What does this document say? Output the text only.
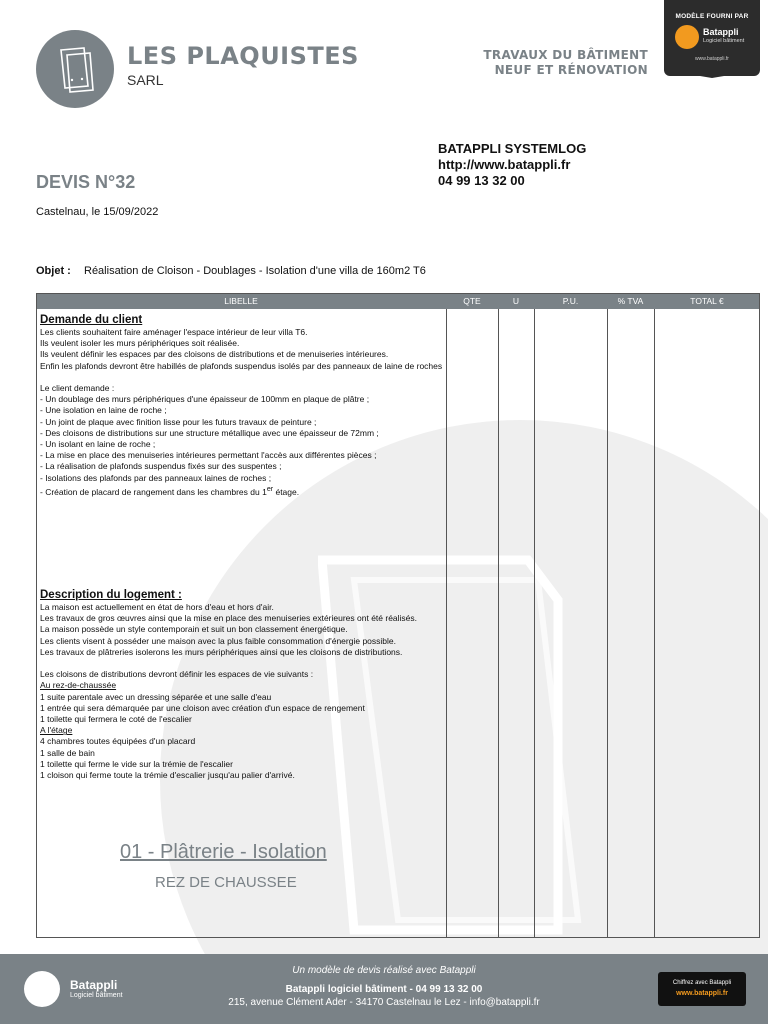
LES PLAQUISTES
SARL
TRAVAUX DU BÂTIMENT
NEUF ET RÉNOVATION
MODÈLE FOURNI PAR
Batappli
Logiciel bâtiment
www.batappli.fr
BATAPPLI SYSTEMLOG
http://www.batappli.fr
04 99 13 32 00
DEVIS N°32
Castelnau, le 15/09/2022
Objet : Réalisation de Cloison - Doublages - Isolation d'une villa de 160m2 T6
LIBELLE	QTE	U	P.U.	% TVA	TOTAL €
Demande du client
Les clients souhaitent faire aménager l'espace intérieur de leur villa T6.
Ils veulent isoler les murs périphériques soit réalisée.
Ils veulent définir les espaces par des cloisons de distributions et de menuiseries intérieures.
Enfin les plafonds devront être habillés de plafonds suspendus isolés par des panneaux de laine de roches
Le client demande :
- Un doublage des murs périphériques d'une épaisseur de 100mm en plaque de plâtre ;
- Une isolation en laine de roche ;
- Un joint de plaque avec finition lisse pour les futurs travaux de peinture ;
- Des cloisons de distributions sur une structure métallique avec une épaisseur de 72mm ;
- Un isolant en laine de roche ;
- La mise en place des menuiseries intérieures permettant l'accès aux différentes pièces ;
- La réalisation de plafonds suspendus fixés sur des suspentes ;
- Isolations des plafonds par des panneaux laines de roches ;
- Création de placard de rangement dans les chambres du 1er étage.
Description du logement :
La maison est actuellement en état de hors d'eau et hors d'air.
Les travaux de gros œuvres ainsi que la mise en place des menuiseries extérieures ont été réalisés.
La maison possède un style contemporain et suit un bon classement énergétique.
Les clients visent à posséder une maison avec la plus faible consommation d'énergie possible.
Les travaux de plâtreries isolerons les murs périphériques ainsi que les cloisons de distributions.
Les cloisons de distributions devront définir les espaces de vie suivants :
Au rez-de-chaussée
1 suite parentale avec un dressing séparée et une salle d'eau
1 entrée qui sera démarquée par une cloison avec création d'un espace de rengement
1 toilette qui fermera le coté de l'escalier
A l'étage
4 chambres toutes équipées d'un placard
1 salle de bain
1 toilette qui ferme le vide sur la trémie de l'escalier
1 cloison qui ferme toute la trémie d'escalier jusqu'au palier d'arrivé.
01 - Plâtrerie - Isolation
REZ DE CHAUSSEE
Batappli
Logiciel bâtiment
Un modèle de devis réalisé avec Batappli
Batappli logiciel bâtiment - 04 99 13 32 00
215, avenue Clément Ader - 34170 Castelnau le Lez - info@batappli.fr
Chiffrez avec Batappli
www.batappli.fr
